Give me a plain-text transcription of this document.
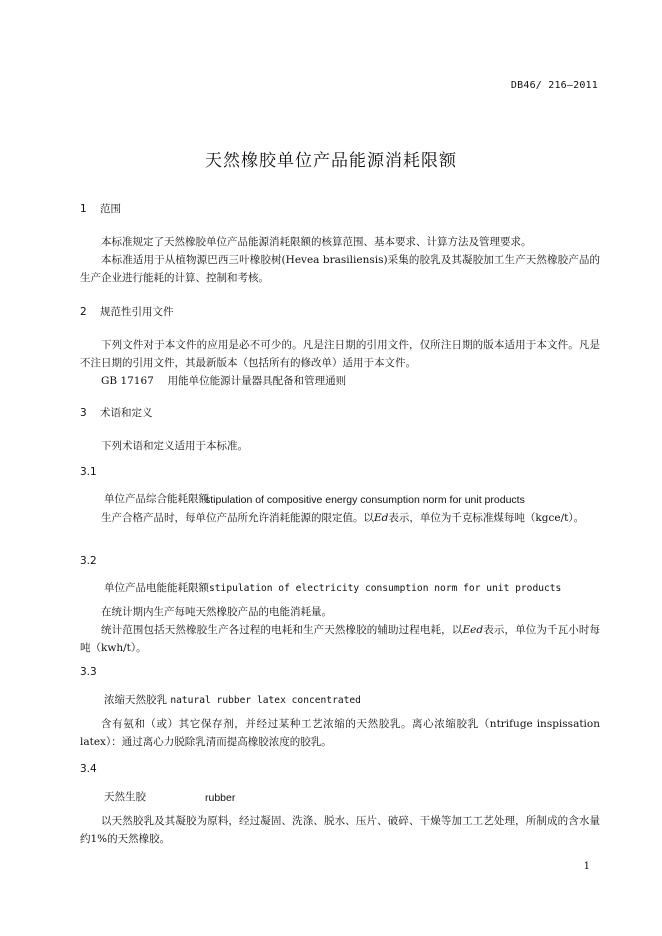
DB46/ 216—2011
天然橡胶单位产品能源消耗限额
1 范围
本标准规定了天然橡胶单位产品能源消耗限额的核算范围、基本要求、计算方法及管理要求。
本标准适用于从植物源巴西三叶橡胶树(Hevea brasiliensis)采集的胶乳及其凝胶加工生产天然橡胶产品的生产企业进行能耗的计算、控制和考核。
2 规范性引用文件
下列文件对于本文件的应用是必不可少的。凡是注日期的引用文件，仅所注日期的版本适用于本文件。凡是不注日期的引用文件，其最新版本（包括所有的修改单）适用于本文件。
GB 17167　 用能单位能源计量器具配备和管理通则
3 术语和定义
下列术语和定义适用于本标准。
3.1
单位产品综合能耗限额
stipulation of compositive energy consumption norm for unit products
生产合格产品时，每单位产品所允许消耗能源的限定值。以Ed表示，单位为千克标准煤每吨（kgce/t）。
3.2
单位产品电能能耗限额stipulation of electricity consumption norm for unit products
在统计期内生产每吨天然橡胶产品的电能消耗量。
统计范围包括天然橡胶生产各过程的电耗和生产天然橡胶的辅助过程电耗，以Eed表示，单位为千瓦小时每吨（kwh/t）。
3.3
浓缩天然胶乳 natural rubber latex concentrated
含有氨和（或）其它保存剂，并经过某种工艺浓缩的天然胶乳。离心浓缩胶乳（ntrifuge inspissation latex）：通过离心力脱除乳清而提高橡胶浓度的胶乳。
3.4
天然生胶	rubber
以天然胶乳及其凝胶为原料，经过凝固、洗涤、脱水、压片、破碎、干燥等加工工艺处理，所制成的含水量约1%的天然橡胶。
1
